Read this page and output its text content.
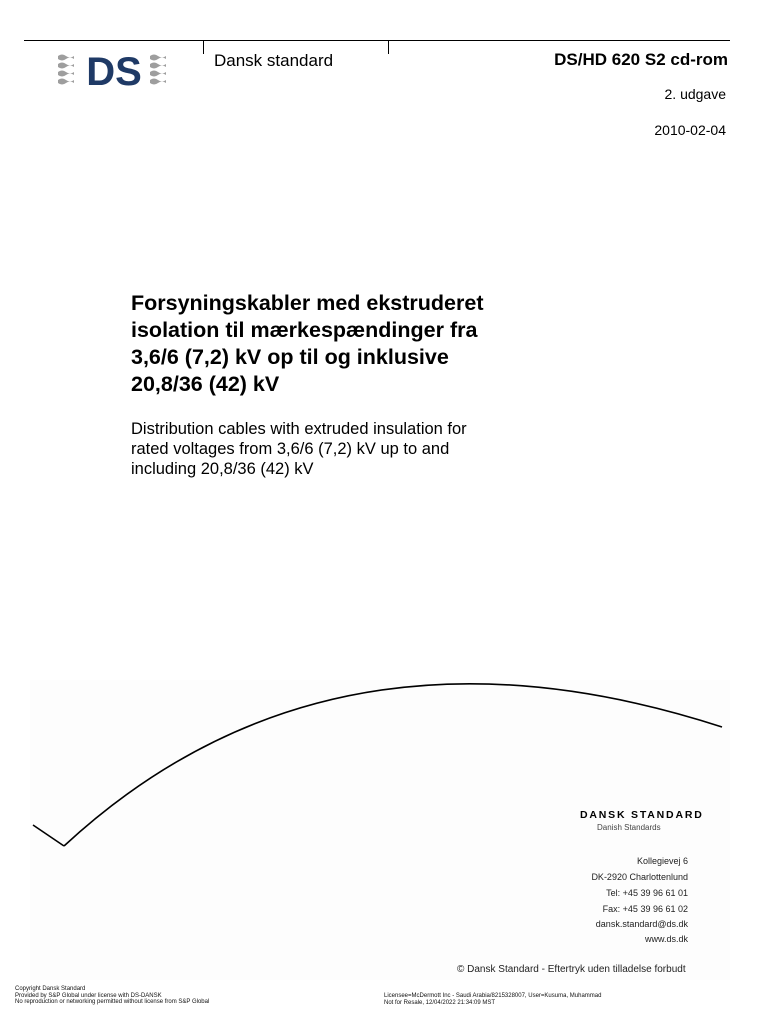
DS	Dansk standard	DS/HD 620 S2 cd-rom
2. udgave
2010-02-04
Forsyningskabler med ekstruderet
isolation til mærkespændinger fra
3,6/6 (7,2) kV op til og inklusive
20,8/36 (42) kV
Distribution cables with extruded insulation for
rated voltages from 3,6/6 (7,2) kV up to and
including 20,8/36 (42) kV
DANSK STANDARD
Danish Standards
Kollegievej 6
DK-2920 Charlottenlund
Tel: +45 39 96 61 01
Fax: +45 39 96 61 02
dansk.standard@ds.dk
www.ds.dk
© Dansk Standard - Eftertryk uden tilladelse forbudt
Copyright Dansk Standard
Provided by S&P Global under license with DS-DANSK
No reproduction or networking permitted without license from S&P Global
Licensee=McDermott Inc - Saudi Arabia/8215328007, User=Kusuma, Muhammad
Not for Resale, 12/04/2022 21:34:09 MST
